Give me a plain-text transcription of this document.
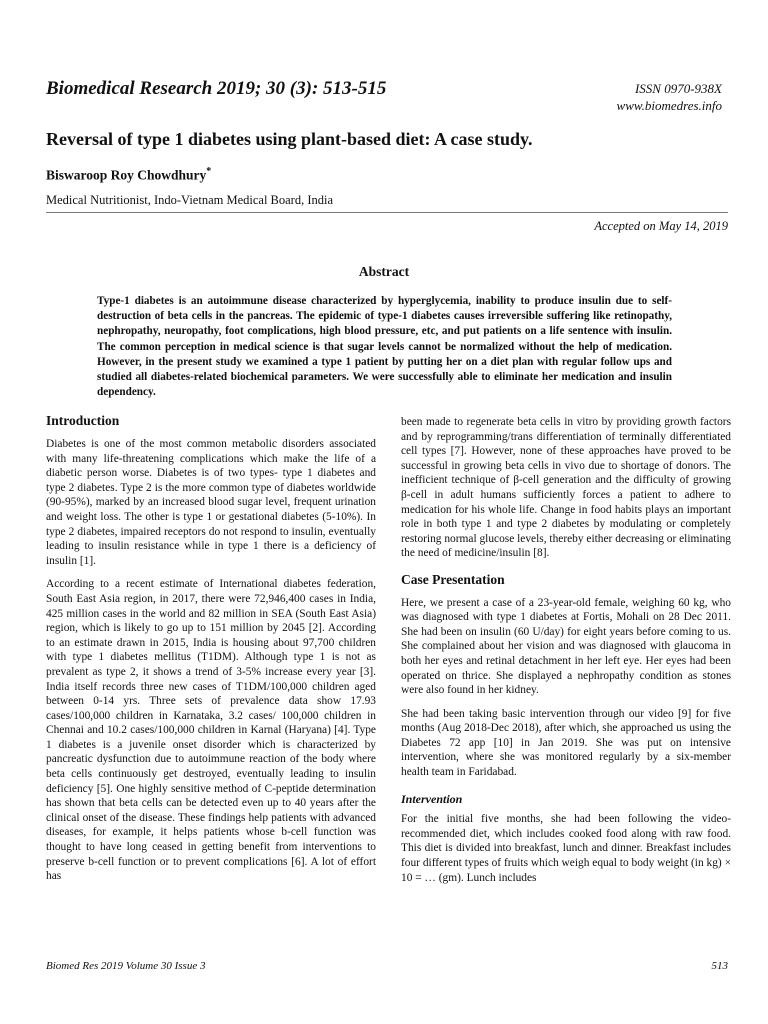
Biomedical Research 2019; 30 (3): 513-515	ISSN 0970-938X
www.biomedres.info
Reversal of type 1 diabetes using plant-based diet: A case study.
Biswaroop Roy Chowdhury*
Medical Nutritionist, Indo-Vietnam Medical Board, India
Accepted on May 14, 2019
Abstract
Type-1 diabetes is an autoimmune disease characterized by hyperglycemia, inability to produce insulin due to self-destruction of beta cells in the pancreas. The epidemic of type-1 diabetes causes irreversible suffering like retinopathy, nephropathy, neuropathy, foot complications, high blood pressure, etc, and put patients on a life sentence with insulin. The common perception in medical science is that sugar levels cannot be normalized without the help of medication. However, in the present study we examined a type 1 patient by putting her on a diet plan with regular follow ups and studied all diabetes-related biochemical parameters. We were successfully able to eliminate her medication and insulin dependency.
Introduction

Diabetes is one of the most common metabolic disorders associated with many life-threatening complications which make the life of a diabetic person worse. Diabetes is of two types- type 1 diabetes and type 2 diabetes. Type 2 is the more common type of diabetes worldwide (90-95%), marked by an increased blood sugar level, frequent urination and weight loss. The other is type 1 or gestational diabetes (5-10%). In type 2 diabetes, impaired receptors do not respond to insulin, eventually leading to insulin resistance while in type 1 there is a deficiency of insulin [1].

According to a recent estimate of International diabetes federation, South East Asia region, in 2017, there were 72,946,400 cases in India, 425 million cases in the world and 82 million in SEA (South East Asia) region, which is likely to go up to 151 million by 2045 [2]. According to an estimate drawn in 2015, India is housing about 97,700 children with type 1 diabetes mellitus (T1DM). Although type 1 is not as prevalent as type 2, it shows a trend of 3-5% increase every year [3]. India itself records three new cases of T1DM/100,000 children aged between 0-14 yrs. Three sets of prevalence data show 17.93 cases/100,000 children in Karnataka, 3.2 cases/ 100,000 children in Chennai and 10.2 cases/100,000 children in Karnal (Haryana) [4]. Type 1 diabetes is a juvenile onset disorder which is characterized by pancreatic dysfunction due to autoimmune reaction of the body where beta cells continuously get destroyed, eventually leading to insulin deficiency [5]. One highly sensitive method of C-peptide determination has shown that beta cells can be detected even up to 40 years after the clinical onset of the disease. These findings help patients with advanced diseases, for example, it helps patients whose b-cell function was thought to have long ceased in getting benefit from interventions to preserve b-cell function or to prevent complications [6]. A lot of effort has

been made to regenerate beta cells in vitro by providing growth factors and by reprogramming/trans differentiation of terminally differentiated cell types [7]. However, none of these approaches have proved to be successful in growing beta cells in vivo due to shortage of donors. The inefficient technique of β-cell generation and the difficulty of growing β-cell in adult humans sufficiently forces a patient to adhere to medication for his whole life. Change in food habits plays an important role in both type 1 and type 2 diabetes by modulating or completely restoring normal glucose levels, thereby either decreasing or eliminating the need of medicine/insulin [8].

Case Presentation

Here, we present a case of a 23-year-old female, weighing 60 kg, who was diagnosed with type 1 diabetes at Fortis, Mohali on 28 Dec 2011. She had been on insulin (60 U/day) for eight years before coming to us. She complained about her vision and was diagnosed with glaucoma in both her eyes and retinal detachment in her left eye. Her eyes had been operated on thrice. She displayed a nephropathy condition as stones were also found in her kidney.

She had been taking basic intervention through our video [9] for five months (Aug 2018-Dec 2018), after which, she approached us using the Diabetes 72 app [10] in Jan 2019. She was put on intensive intervention, where she was monitored regularly by a six-member health team in Faridabad.

Intervention

For the initial five months, she had been following the video-recommended diet, which includes cooked food along with raw food. This diet is divided into breakfast, lunch and dinner. Breakfast includes four different types of fruits which weigh equal to body weight (in kg) × 10 = … (gm). Lunch includes

Biomed Res 2019 Volume 30 Issue 3	513
